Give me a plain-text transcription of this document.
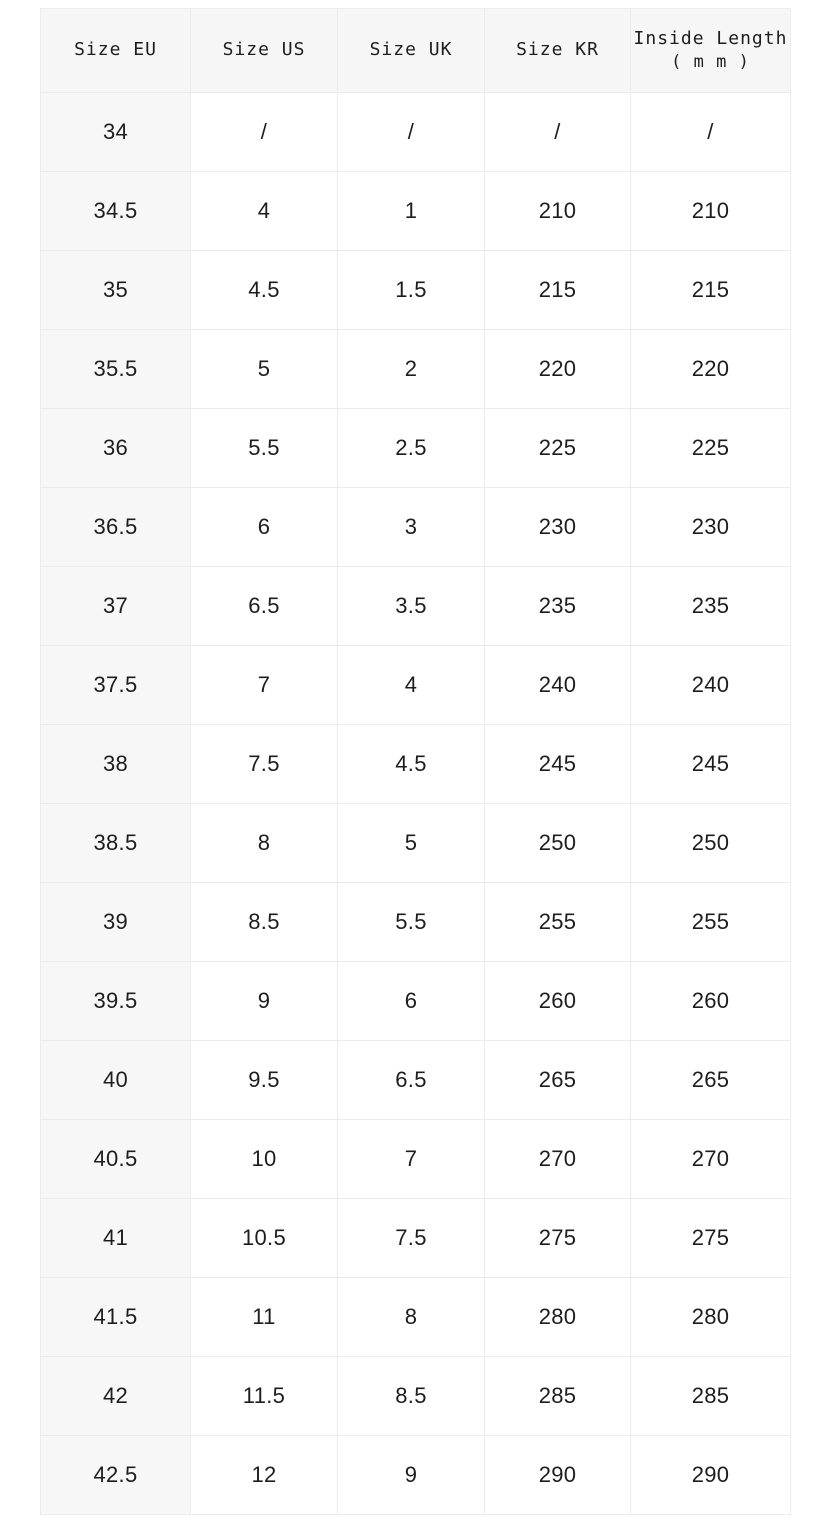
Size EU	Size US	Size UK	Size KR	Inside Length
( m m )

34	/	/	/	/
34.5	4	1	210	210
35	4.5	1.5	215	215
35.5	5	2	220	220
36	5.5	2.5	225	225
36.5	6	3	230	230
37	6.5	3.5	235	235
37.5	7	4	240	240
38	7.5	4.5	245	245
38.5	8	5	250	250
39	8.5	5.5	255	255
39.5	9	6	260	260
40	9.5	6.5	265	265
40.5	10	7	270	270
41	10.5	7.5	275	275
41.5	11	8	280	280
42	11.5	8.5	285	285
42.5	12	9	290	290
